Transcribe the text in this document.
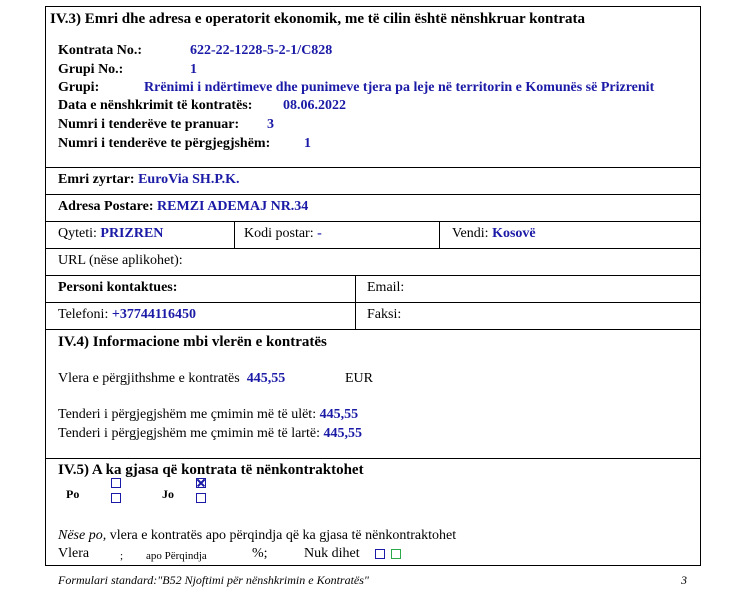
IV.3) Emri dhe adresa e operatorit ekonomik, me të cilin është nënshkruar kontrata
Kontrata No.:	622-22-1228-5-2-1/C828
Grupi No.:	1
Grupi:	Rrënimi i ndërtimeve dhe punimeve tjera pa leje në territorin e Komunës së Prizrenit
Data e nënshkrimit të kontratës: 08.06.2022
Numri i tenderëve te pranuar: 3
Numri i tenderëve te përgjegjshëm: 1
Emri zyrtar: EuroVia SH.P.K.
Adresa Postare: REMZI ADEMAJ NR.34
Qyteti: PRIZREN	Kodi postar: -	Vendi: Kosovë
URL (nëse aplikohet):
Personi kontaktues:	Email:
Telefoni: +37744116450	Faksi:
IV.4) Informacione mbi vlerën e kontratës
Vlera e përgjithshme e kontratës 445,55	EUR
Tenderi i përgjegjshëm me çmimin më të ulët: 445,55
Tenderi i përgjegjshëm me çmimin më të lartë: 445,55
IV.5) A ka gjasa që kontrata të nënkontraktohet
Po	Jo
Nëse po, vlera e kontratës apo përqindja që ka gjasa të nënkontraktohet
Vlera	; apo Përqindja	%;	Nuk dihet
Formulari standard:"B52 Njoftimi për nënshkrimin e Kontratës"	3
